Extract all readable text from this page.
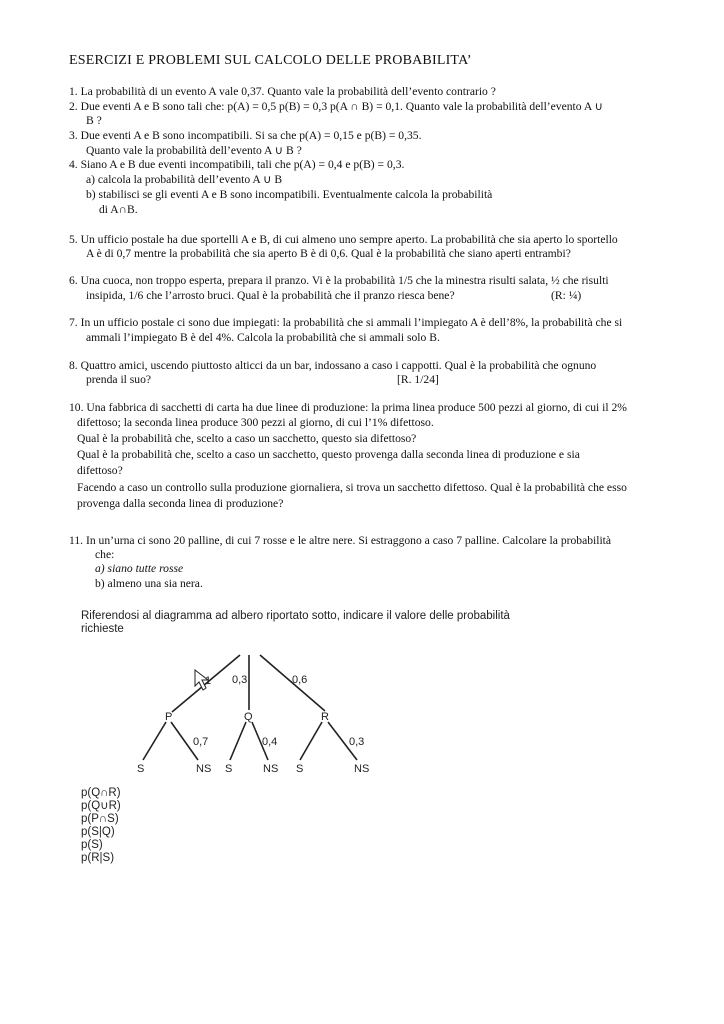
ESERCIZI E PROBLEMI SUL CALCOLO DELLE PROBABILITA’
1. La probabilità di un evento A vale 0,37. Quanto vale la probabilità dell’evento contrario ?
2. Due eventi A e B sono tali che: p(A) = 0,5 p(B) = 0,3 p(A ∩ B) = 0,1. Quanto vale la probabilità dell’evento A ∪
B ?
3. Due eventi A e B sono incompatibili. Si sa che p(A) = 0,15 e p(B) = 0,35.
Quanto vale la probabilità dell’evento A ∪ B ?
4. Siano A e B due eventi incompatibili, tali che p(A) = 0,4 e p(B) = 0,3.
a) calcola la probabilità dell’evento A ∪ B
b) stabilisci se gli eventi A e B sono incompatibili. Eventualmente calcola la probabilità
di A∩B.
5. Un ufficio postale ha due sportelli A e B, di cui almeno uno sempre aperto. La probabilità che sia aperto lo sportello
A è di 0,7 mentre la probabilità che sia aperto B è di 0,6. Qual è la probabilità che siano aperti entrambi?
6. Una cuoca, non troppo esperta, prepara il pranzo. Vi è la probabilità 1/5 che la minestra risulti salata, ½ che risulti
insipida, 1/6 che l’arrosto bruci. Qual è la probabilità che il pranzo riesca bene?	(R: ¼)
7. In un ufficio postale ci sono due impiegati: la probabilità che si ammali l’impiegato A è dell’8%, la probabilità che si
ammali l’impiegato B è del 4%. Calcola la probabilità che si ammali solo B.
8. Quattro amici, uscendo piuttosto alticci da un bar, indossano a caso i cappotti. Qual è la probabilità che ognuno
prenda il suo?	[R. 1/24]
10. Una fabbrica di sacchetti di carta ha due linee di produzione: la prima linea produce 500 pezzi al giorno, di cui il 2%
difettoso; la seconda linea produce 300 pezzi al giorno, di cui l’1% difettoso.
Qual è la probabilità che, scelto a caso un sacchetto, questo sia difettoso?
Qual è la probabilità che, scelto a caso un sacchetto, questo provenga dalla seconda linea di produzione e sia
difettoso?
Facendo a caso un controllo sulla produzione giornaliera, si trova un sacchetto difettoso. Qual è la probabilità che esso
provenga dalla seconda linea di produzione?
11. In un’urna ci sono 20 palline, di cui 7 rosse e le altre nere. Si estraggono a caso 7 palline. Calcolare la probabilità
che:
a) siano tutte rosse
b) almeno una sia nera.
Riferendosi al diagramma ad albero riportato sotto, indicare il valore delle probabilità
richieste
1 0,3	0,6
P	Q	R
0,7	0,4	0,3
S	NS S	NS S	NS
p(Q∩R)
p(Q∪R)
p(P∩S)
p(S|Q)
p(S)
p(R|S)
